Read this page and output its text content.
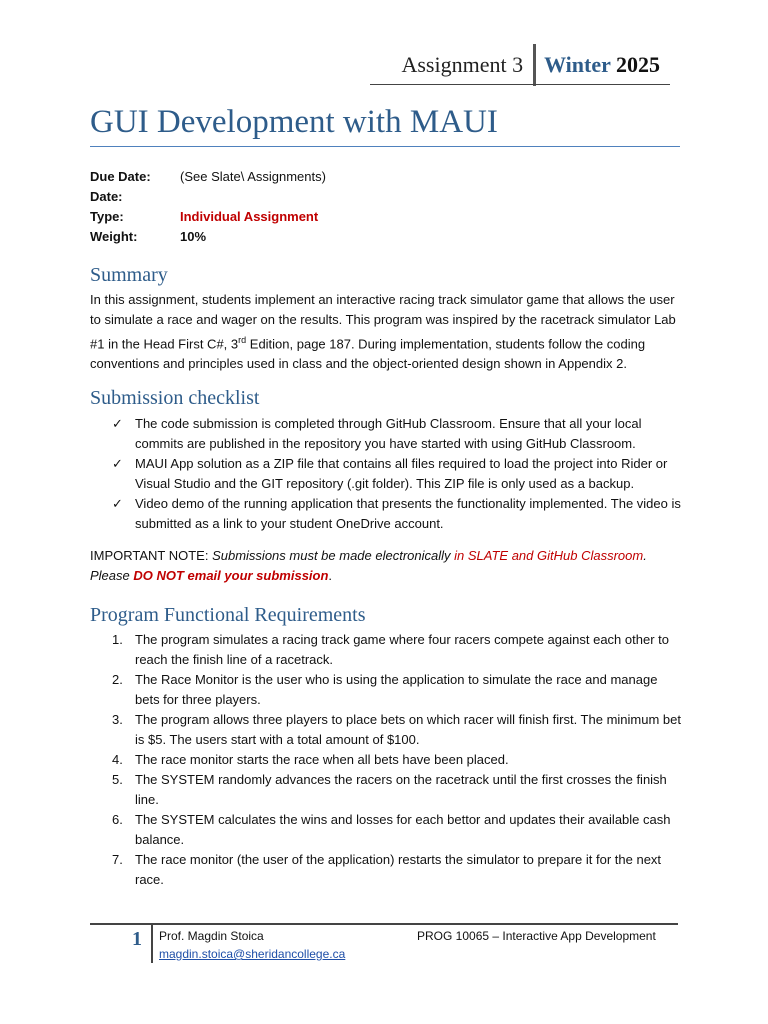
Assignment 3 Winter 2025
GUI Development with MAUI
Due Date:	(See Slate\ Assignments)
Date:
Type:	Individual Assignment
Weight:	10%
Summary

In this assignment, students implement an interactive racing track simulator game that allows the user to simulate a race and wager on the results. This program was inspired by the racetrack simulator Lab #1 in the Head First C#, 3rd Edition, page 187. During implementation, students follow the coding conventions and principles used in class and the object-oriented design shown in Appendix 2.

Submission checklist
✓ The code submission is completed through GitHub Classroom. Ensure that all your local commits are published in the repository you have started with using GitHub Classroom.
✓ MAUI App solution as a ZIP file that contains all files required to load the project into Rider or Visual Studio and the GIT repository (.git folder). This ZIP file is only used as a backup.
✓ Video demo of the running application that presents the functionality implemented. The video is submitted as a link to your student OneDrive account.

IMPORTANT NOTE: Submissions must be made electronically in SLATE and GitHub Classroom. Please DO NOT email your submission.

Program Functional Requirements
1. The program simulates a racing track game where four racers compete against each other to reach the finish line of a racetrack.
2. The Race Monitor is the user who is using the application to simulate the race and manage bets for three players.
3. The program allows three players to place bets on which racer will finish first. The minimum bet is $5. The users start with a total amount of $100.
4. The race monitor starts the race when all bets have been placed.
5. The SYSTEM randomly advances the racers on the racetrack until the first crosses the finish line.
6. The SYSTEM calculates the wins and losses for each bettor and updates their available cash balance.
7. The race monitor (the user of the application) restarts the simulator to prepare it for the next race.
1 Prof. Magdin Stoica
magdin.stoica@sheridancollege.ca
PROG 10065 – Interactive App Development
